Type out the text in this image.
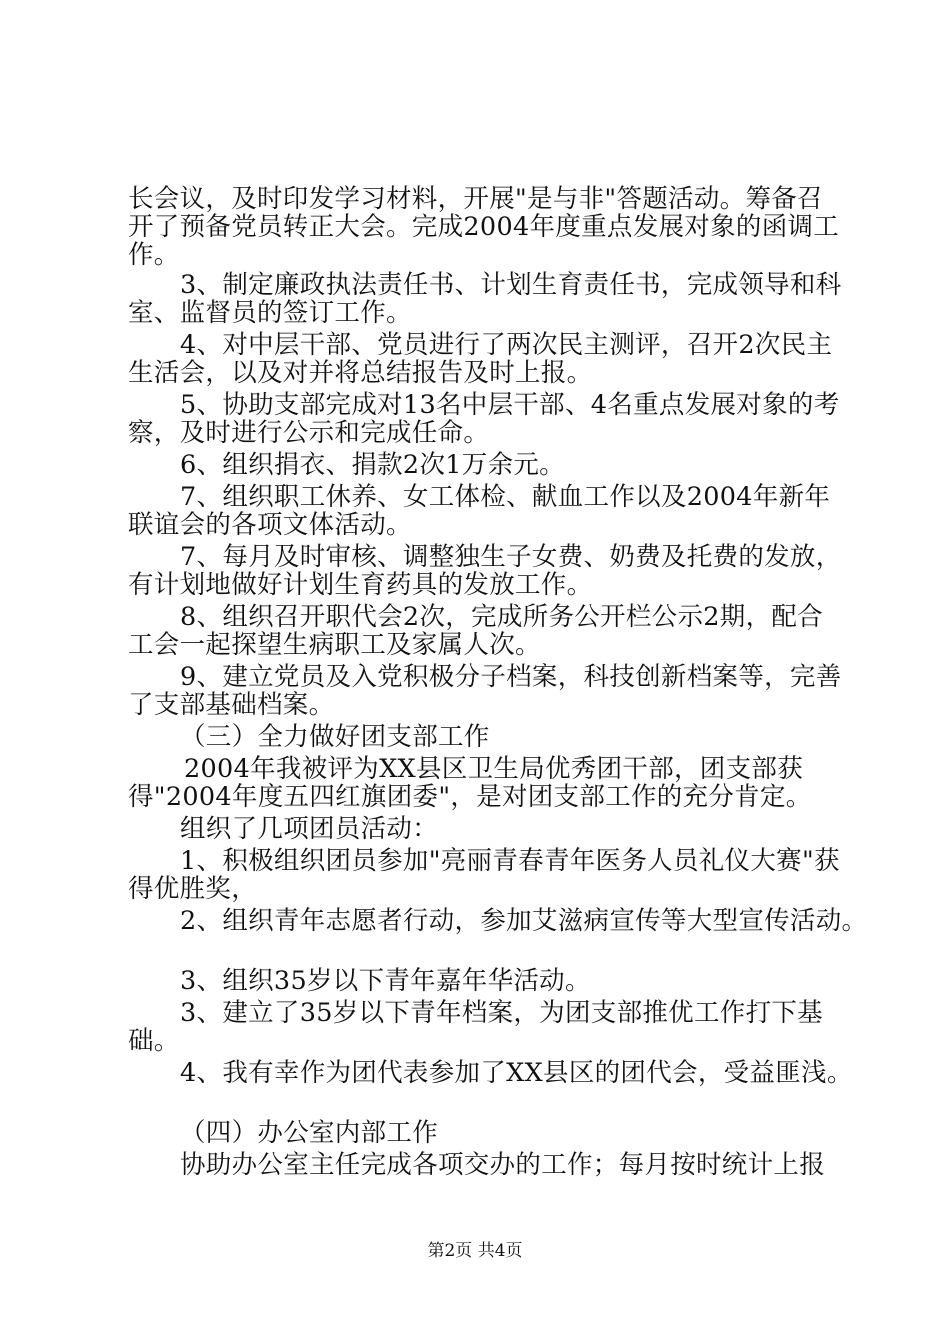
长会议，及时印发学习材料，开展"是与非"答题活动。筹备召
开了预备党员转正大会。完成2004年度重点发展对象的函调工
作。
3、制定廉政执法责任书、计划生育责任书，完成领导和科
室、监督员的签订工作。
4、对中层干部、党员进行了两次民主测评，召开2次民主
生活会，以及对并将总结报告及时上报。
5、协助支部完成对13名中层干部、4名重点发展对象的考
察，及时进行公示和完成任命。
6、组织捐衣、捐款2次1万余元。
7、组织职工休养、女工体检、献血工作以及2004年新年
联谊会的各项文体活动。
7、每月及时审核、调整独生子女费、奶费及托费的发放，
有计划地做好计划生育药具的发放工作。
8、组织召开职代会2次，完成所务公开栏公示2期，配合
工会一起探望生病职工及家属人次。
9、建立党员及入党积极分子档案，科技创新档案等，完善
了支部基础档案。
（三）全力做好团支部工作
2004年我被评为XX县区卫生局优秀团干部，团支部获
得"2004年度五四红旗团委"，是对团支部工作的充分肯定。
组织了几项团员活动：
1、积极组织团员参加"亮丽青春青年医务人员礼仪大赛"获
得优胜奖，
2、组织青年志愿者行动，参加艾滋病宣传等大型宣传活动。
3、组织35岁以下青年嘉年华活动。
3、建立了35岁以下青年档案，为团支部推优工作打下基
础。
4、我有幸作为团代表参加了XX县区的团代会，受益匪浅。
（四）办公室内部工作
协助办公室主任完成各项交办的工作；每月按时统计上报
第2页 共4页
